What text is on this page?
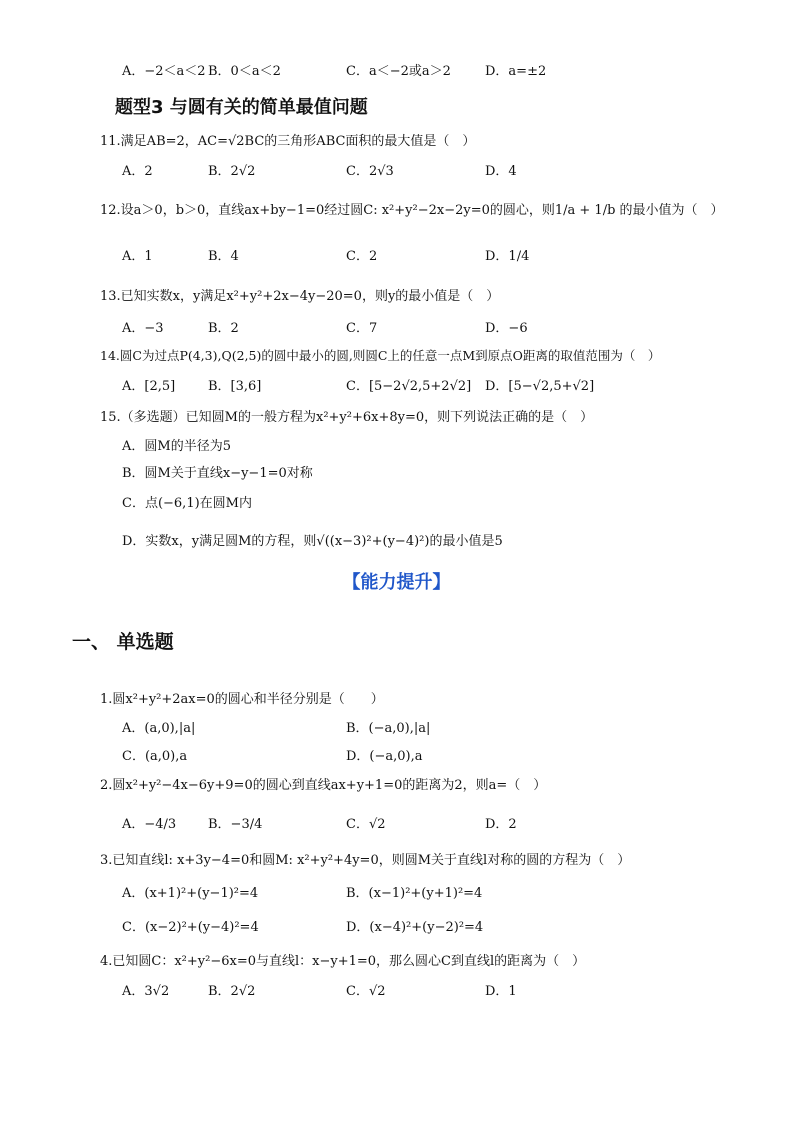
A．−2＜a＜2 B．0＜a＜2	C．a＜−2或a＞2	D．a=±2
题型3 与圆有关的简单最值问题
11.满足AB=2，AC=√2BC的三角形ABC面积的最大值是（　）
A．2	B．2√2	C．2√3	D．4
12.设a＞0，b＞0，直线ax+by−1=0经过圆C: x²+y²−2x−2y=0的圆心，则1/a + 1/b 的最小值为（　）
A．1	B．4	C．2	D．1/4
13.已知实数x，y满足x²+y²+2x−4y−20=0，则y的最小值是（　）
A．−3	B．2	C．7	D．−6
14.圆C为过点P(4,3),Q(2,5)的圆中最小的圆,则圆C上的任意一点M到原点O距离的取值范围为（　）
A．[2,5]	B．[3,6]	C．[5−2√2,5+2√2] D．[5−√2,5+√2]
15.（多选题）已知圆M的一般方程为x²+y²+6x+8y=0，则下列说法正确的是（　）
A．圆M的半径为5
B．圆M关于直线x−y−1=0对称
C．点(−6,1)在圆M内
D．实数x，y满足圆M的方程，则√((x−3)²+(y−4)²)的最小值是5
【能力提升】
一、 单选题
1.圆x²+y²+2ax=0的圆心和半径分别是（　　）
A．(a,0),|a|	B．(−a,0),|a|
C．(a,0),a	D．(−a,0),a
2.圆x²+y²−4x−6y+9=0的圆心到直线ax+y+1=0的距离为2，则a=（　）
A．−4/3 B．−3/4	C．√2	D．2
3.已知直线l: x+3y−4=0和圆M: x²+y²+4y=0，则圆M关于直线l对称的圆的方程为（　）
A．(x+1)²+(y−1)²=4	B．(x−1)²+(y+1)²=4
C．(x−2)²+(y−4)²=4	D．(x−4)²+(y−2)²=4
4.已知圆C：x²+y²−6x=0与直线l：x−y+1=0，那么圆心C到直线l的距离为（　）
A．3√2	B．2√2	C．√2	D．1
